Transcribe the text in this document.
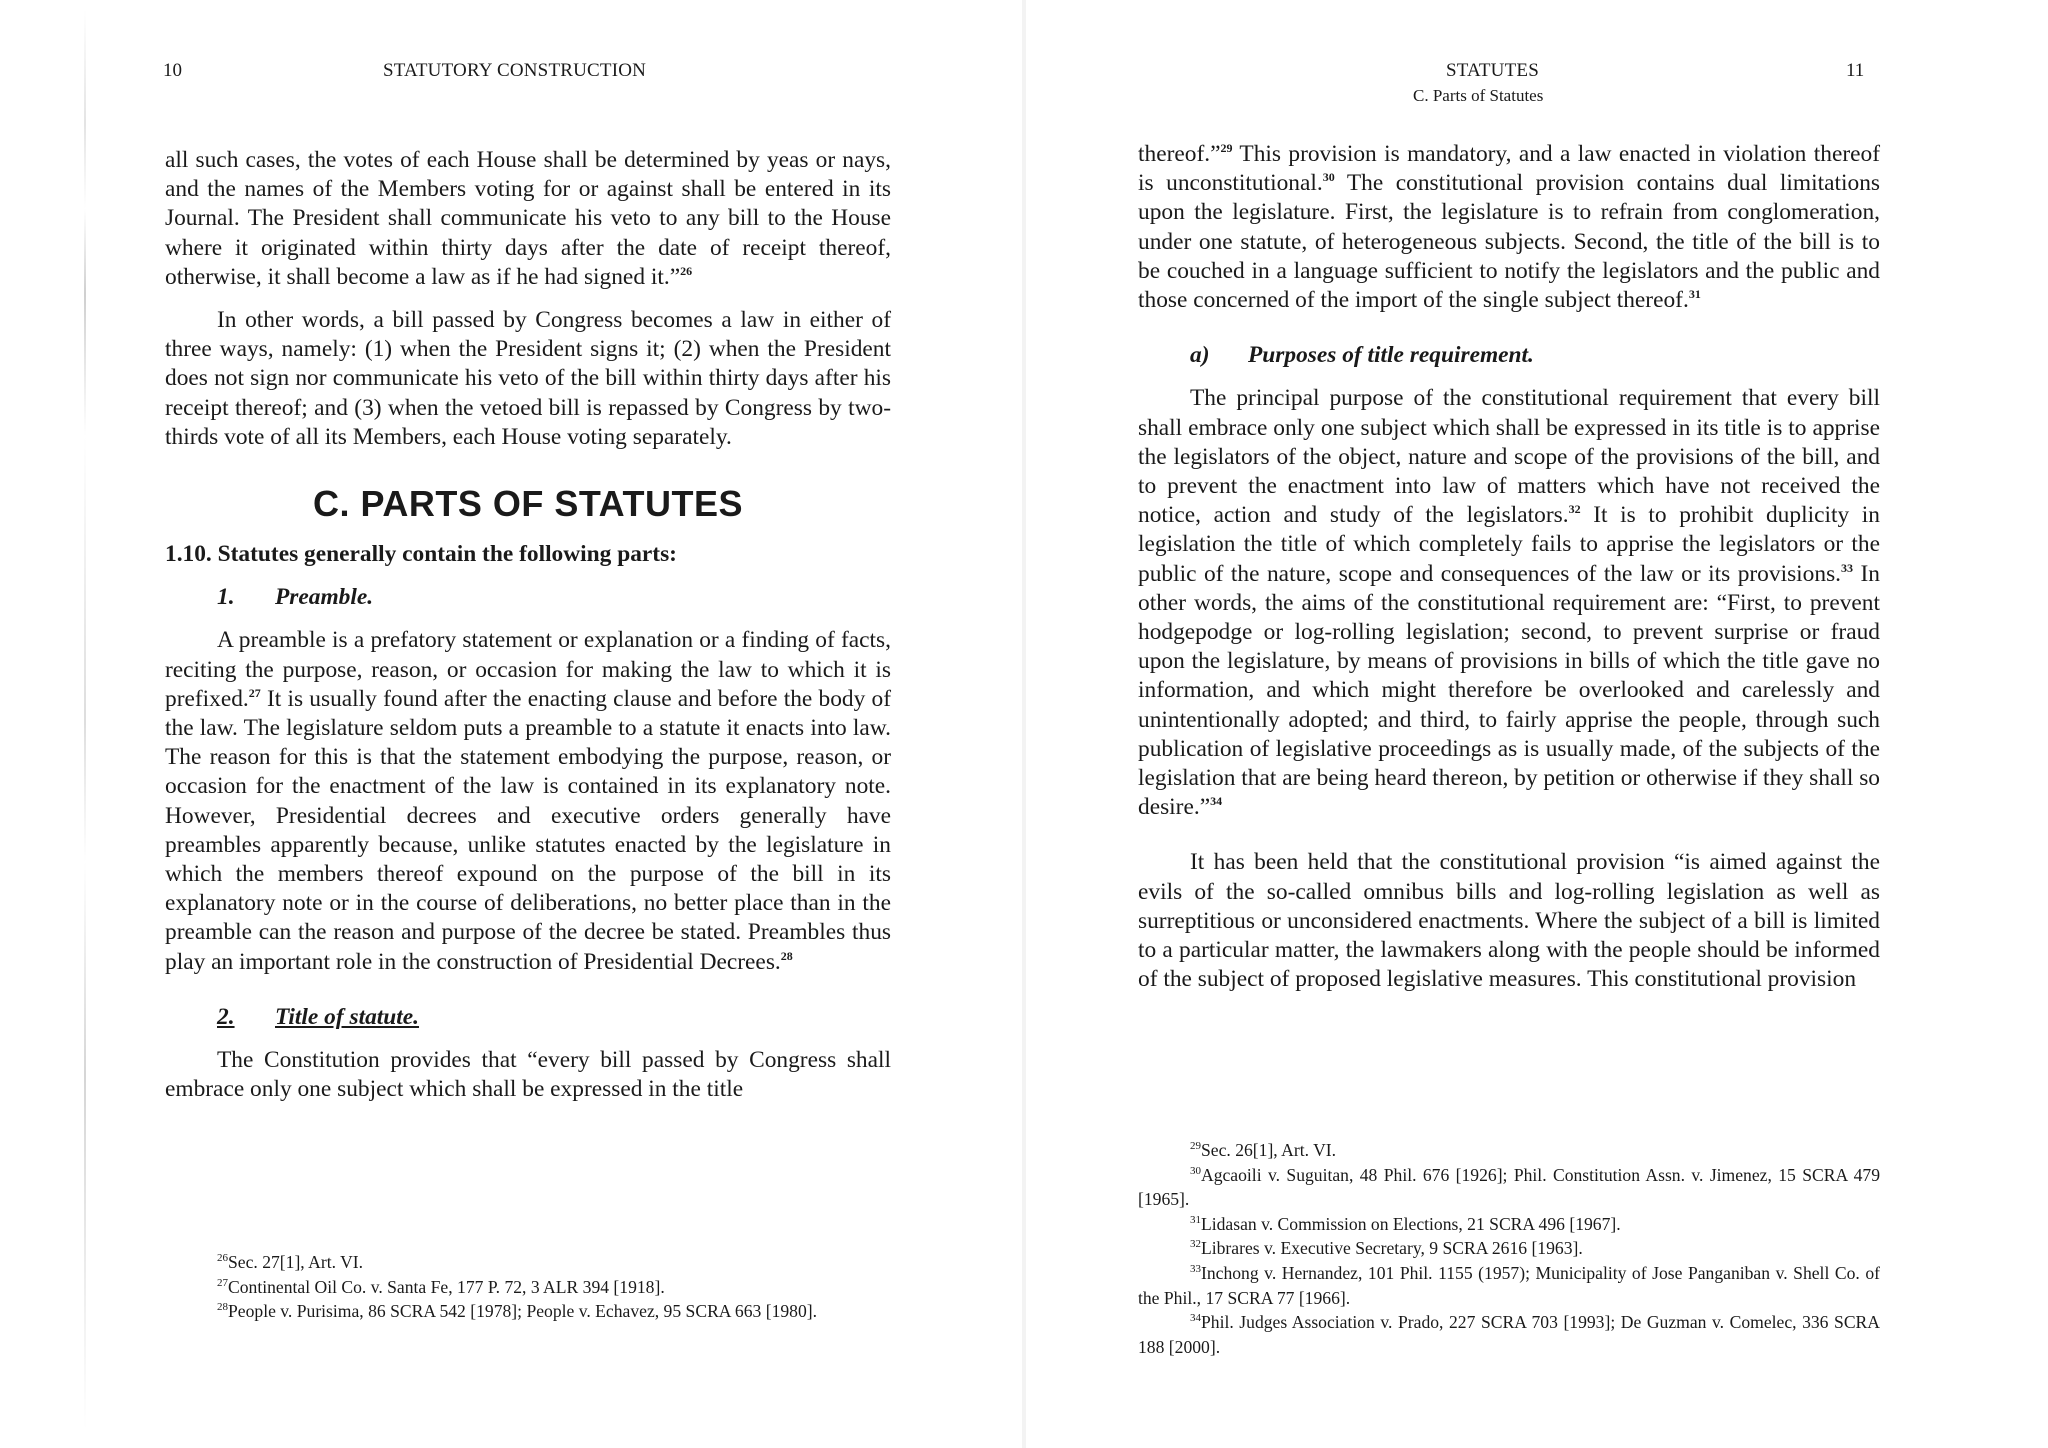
10	STATUTORY CONSTRUCTION

all such cases, the votes of each House shall be determined by yeas or nays, and the names of the Members voting for or against shall be entered in its Journal. The President shall communicate his veto to any bill to the House where it originated within thirty days after the date of receipt thereof, otherwise, it shall become a law as if he had signed it.”$^{26}$

In other words, a bill passed by Congress becomes a law in either of three ways, namely: (1) when the President signs it; (2) when the President does not sign nor communicate his veto of the bill within thirty days after his receipt thereof; and (3) when the vetoed bill is repassed by Congress by two-thirds vote of all its Members, each House voting separately.

C. PARTS OF STATUTES

1.10. Statutes generally contain the following parts:

1. Preamble.

A preamble is a prefatory statement or explanation or a finding of facts, reciting the purpose, reason, or occasion for making the law to which it is prefixed.$^{27}$ It is usually found after the enacting clause and before the body of the law. The legislature seldom puts a preamble to a statute it enacts into law. The reason for this is that the statement embodying the purpose, reason, or occasion for the enactment of the law is contained in its explanatory note. However, Presidential decrees and executive orders generally have preambles apparently because, unlike statutes enacted by the legislature in which the members thereof expound on the purpose of the bill in its explanatory note or in the course of deliberations, no better place than in the preamble can the reason and purpose of the decree be stated. Preambles thus play an important role in the construction of Presidential Decrees.$^{28}$

2. Title of statute.

The Constitution provides that “every bill passed by Congress shall embrace only one subject which shall be expressed in the title

$^{26}$Sec. 27[1], Art. VI.

$^{27}$Continental Oil Co. v. Santa Fe, 177 P. 72, 3 ALR 394 [1918].

$^{28}$People v. Purisima, 86 SCRA 542 [1978]; People v. Echavez, 95 SCRA 663 [1980].

STATUTES
C. Parts of Statutes
11

thereof.”$^{29}$ This provision is mandatory, and a law enacted in violation thereof is unconstitutional.$^{30}$ The constitutional provision contains dual limitations upon the legislature. First, the legislature is to refrain from conglomeration, under one statute, of heterogeneous subjects. Second, the title of the bill is to be couched in a language sufficient to notify the legislators and the public and those concerned of the import of the single subject thereof.$^{31}$

a) Purposes of title requirement.

The principal purpose of the constitutional requirement that every bill shall embrace only one subject which shall be expressed in its title is to apprise the legislators of the object, nature and scope of the provisions of the bill, and to prevent the enactment into law of matters which have not received the notice, action and study of the legislators.$^{32}$ It is to prohibit duplicity in legislation the title of which completely fails to apprise the legislators or the public of the nature, scope and consequences of the law or its provisions.$^{33}$ In other words, the aims of the constitutional requirement are: “First, to prevent hodgepodge or log-rolling legislation; second, to prevent surprise or fraud upon the legislature, by means of provisions in bills of which the title gave no information, and which might therefore be overlooked and carelessly and unintentionally adopted; and third, to fairly apprise the people, through such publication of legislative proceedings as is usually made, of the subjects of the legislation that are being heard thereon, by petition or otherwise if they shall so desire.”$^{34}$

It has been held that the constitutional provision “is aimed against the evils of the so-called omnibus bills and log-rolling legislation as well as surreptitious or unconsidered enactments. Where the subject of a bill is limited to a particular matter, the lawmakers along with the people should be informed of the subject of proposed legislative measures. This constitutional provision

$^{29}$Sec. 26[1], Art. VI.

$^{30}$Agcaoili v. Suguitan, 48 Phil. 676 [1926]; Phil. Constitution Assn. v. Jimenez, 15 SCRA 479 [1965].

$^{31}$Lidasan v. Commission on Elections, 21 SCRA 496 [1967].

$^{32}$Librares v. Executive Secretary, 9 SCRA 2616 [1963].

$^{33}$Inchong v. Hernandez, 101 Phil. 1155 (1957); Municipality of Jose Panganiban v. Shell Co. of the Phil., 17 SCRA 77 [1966].

$^{34}$Phil. Judges Association v. Prado, 227 SCRA 703 [1993]; De Guzman v. Comelec, 336 SCRA 188 [2000].
